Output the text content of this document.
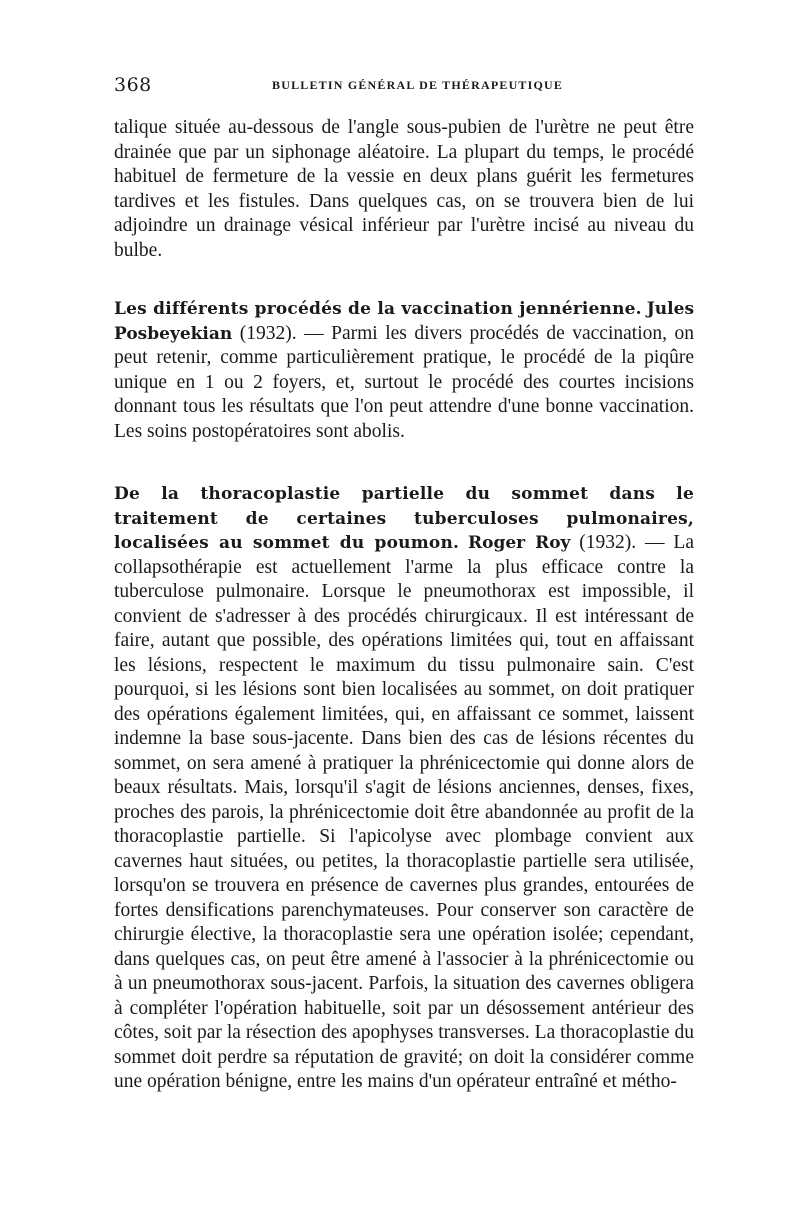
368	BULLETIN GÉNÉRAL DE THÉRAPEUTIQUE

talique située au-dessous de l'angle sous-pubien de l'urètre ne peut être drainée que par un siphonage aléatoire. La plupart du temps, le procédé habituel de fermeture de la vessie en deux plans guérit les fermetures tardives et les fistules. Dans quelques cas, on se trouvera bien de lui adjoindre un drainage vésical inférieur par l'urètre incisé au niveau du bulbe.

Les différents procédés de la vaccination jennérienne. Jules Posbeyekian (1932). — Parmi les divers procédés de vaccination, on peut retenir, comme particulièrement pratique, le procédé de la piqûre unique en 1 ou 2 foyers, et, surtout le procédé des courtes incisions donnant tous les résultats que l'on peut attendre d'une bonne vaccination. Les soins postopératoires sont abolis.

De la thoracoplastie partielle du sommet dans le traitement de certaines tuberculoses pulmonaires, localisées au sommet du poumon. Roger Roy (1932). — La collapsothérapie est actuellement l'arme la plus efficace contre la tuberculose pulmonaire. Lorsque le pneumothorax est impossible, il convient de s'adresser à des procédés chirurgicaux. Il est intéressant de faire, autant que possible, des opérations limitées qui, tout en affaissant les lésions, respectent le maximum du tissu pulmonaire sain. C'est pourquoi, si les lésions sont bien localisées au sommet, on doit pratiquer des opérations également limitées, qui, en affaissant ce sommet, laissent indemne la base sous-jacente. Dans bien des cas de lésions récentes du sommet, on sera amené à pratiquer la phrénicectomie qui donne alors de beaux résultats. Mais, lorsqu'il s'agit de lésions anciennes, denses, fixes, proches des parois, la phrénicectomie doit être abandonnée au profit de la thoracoplastie partielle. Si l'apicolyse avec plombage convient aux cavernes haut situées, ou petites, la thoracoplastie partielle sera utilisée, lorsqu'on se trouvera en présence de cavernes plus grandes, entourées de fortes densifications parenchymateuses. Pour conserver son caractère de chirurgie élective, la thoracoplastie sera une opération isolée; cependant, dans quelques cas, on peut être amené à l'associer à la phrénicectomie ou à un pneumothorax sous-jacent. Parfois, la situation des cavernes obligera à compléter l'opération habituelle, soit par un désossement antérieur des côtes, soit par la résection des apophyses transverses. La thoracoplastie du sommet doit perdre sa réputation de gravité; on doit la considérer comme une opération bénigne, entre les mains d'un opérateur entraîné et métho-
